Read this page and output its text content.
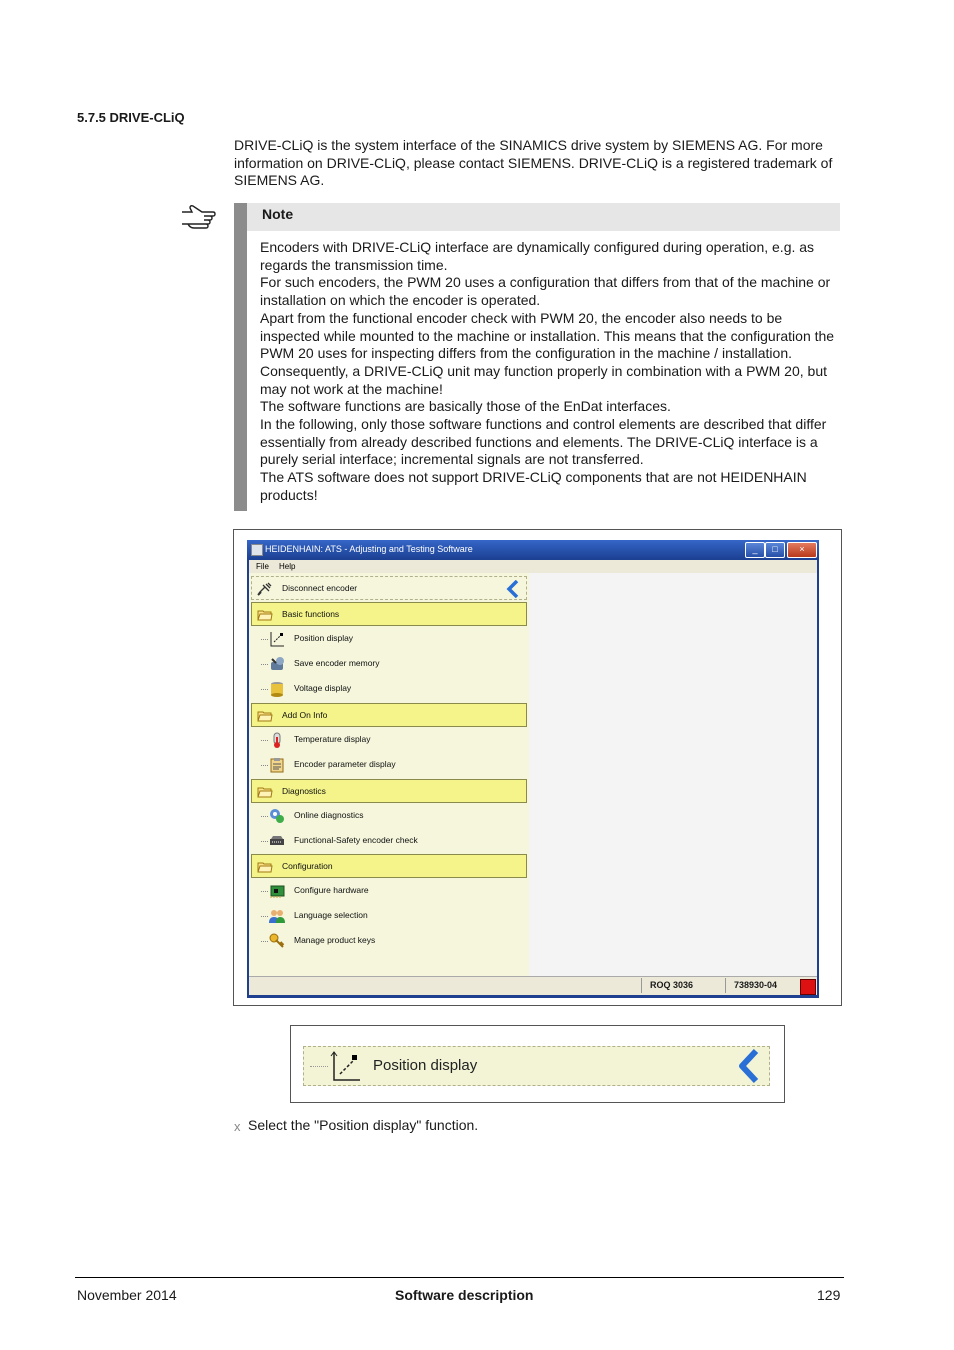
5.7.5 DRIVE-CLiQ
DRIVE-CLiQ is the system interface of the SINAMICS drive system by SIEMENS AG. For more information on DRIVE-CLiQ, please contact SIEMENS. DRIVE-CLiQ is a registered trademark of SIEMENS AG.
Note

Encoders with DRIVE-CLiQ interface are dynamically configured during operation, e.g. as regards the transmission time.

For such encoders, the PWM 20 uses a configuration that differs from that of the machine or installation on which the encoder is operated.

Apart from the functional encoder check with PWM 20, the encoder also needs to be inspected while mounted to the machine or installation. This means that the configuration the PWM 20 uses for inspecting differs from the configuration in the machine / installation. Consequently, a DRIVE-CLiQ unit may function properly in combination with a PWM 20, but may not work at the machine!

The software functions are basically those of the EnDat interfaces.

In the following, only those software functions and control elements are described that differ essentially from already described functions and elements. The DRIVE-CLiQ interface is a purely serial interface; incremental signals are not transferred.

The ATS software does not support DRIVE-CLiQ components that are not HEIDENHAIN products!

HEIDENHAIN: ATS - Adjusting and Testing Software	_	□	×
File Help
Disconnect encoder
Basic functions
Position display
Save encoder memory
Voltage display
Add On Info
Temperature display
Encoder parameter display
Diagnostics
Online diagnostics
Functional-Safety encoder check
Configuration
Configure hardware
Language selection
Manage product keys
ROQ 3036	738930-04
Position display
x Select the "Position display" function.
November 2014	Software description	129
